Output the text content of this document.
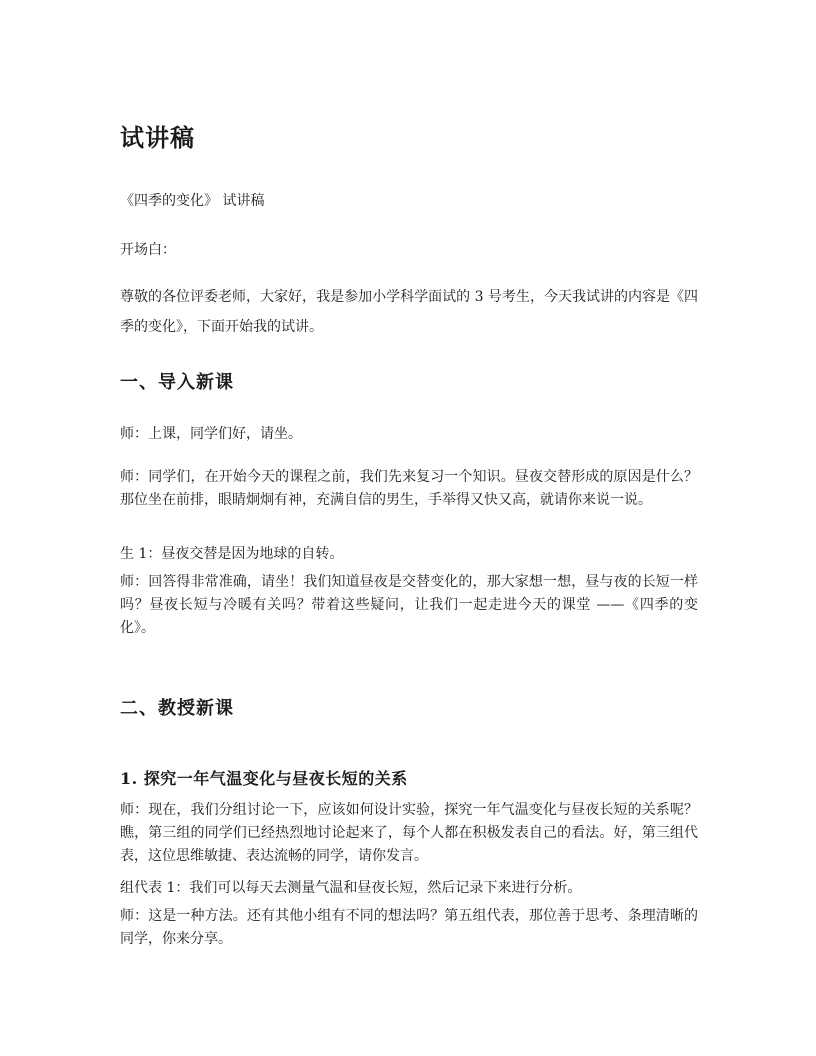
试讲稿

《四季的变化》 试讲稿

开场白：

尊敬的各位评委老师，大家好，我是参加小学科学面试的 3 号考生，今天我试讲的内容是《四季的变化》，下面开始我的试讲。

一、导入新课

师：上课，同学们好，请坐。

师：同学们，在开始今天的课程之前，我们先来复习一个知识。昼夜交替形成的原因是什么？那位坐在前排，眼睛炯炯有神，充满自信的男生，手举得又快又高，就请你来说一说。

生 1：昼夜交替是因为地球的自转。

师：回答得非常准确，请坐！我们知道昼夜是交替变化的，那大家想一想，昼与夜的长短一样吗？昼夜长短与冷暖有关吗？带着这些疑问，让我们一起走进今天的课堂 ——《四季的变化》。

二、教授新课
1. 探究一年气温变化与昼夜长短的关系

师：现在，我们分组讨论一下，应该如何设计实验，探究一年气温变化与昼夜长短的关系呢？瞧，第三组的同学们已经热烈地讨论起来了，每个人都在积极发表自己的看法。好，第三组代表，这位思维敏捷、表达流畅的同学，请你发言。

组代表 1：我们可以每天去测量气温和昼夜长短，然后记录下来进行分析。

师：这是一种方法。还有其他小组有不同的想法吗？第五组代表，那位善于思考、条理清晰的同学，你来分享。
